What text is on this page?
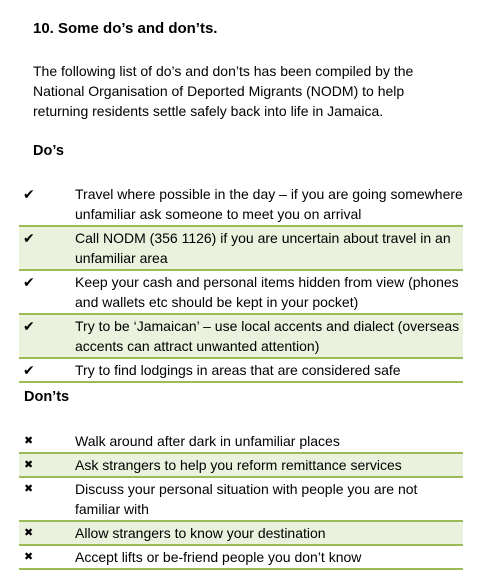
10. Some do’s and don’ts.
The following list of do’s and don’ts has been compiled by the
National Organisation of Deported Migrants (NODM) to help
returning residents settle safely back into life in Jamaica.
Do’s
✔	Travel where possible in the day – if you are going somewhere
unfamiliar ask someone to meet you on arrival
✔	Call NODM (356 1126) if you are uncertain about travel in an
unfamiliar area
✔	Keep your cash and personal items hidden from view (phones
and wallets etc should be kept in your pocket)
✔	Try to be ‘Jamaican’ – use local accents and dialect (overseas
accents can attract unwanted attention)
✔	Try to find lodgings in areas that are considered safe
Don’ts
✖	Walk around after dark in unfamiliar places
✖	Ask strangers to help you reform remittance services
✖	Discuss your personal situation with people you are not
familiar with
✖	Allow strangers to know your destination
✖	Accept lifts or be-friend people you don’t know
